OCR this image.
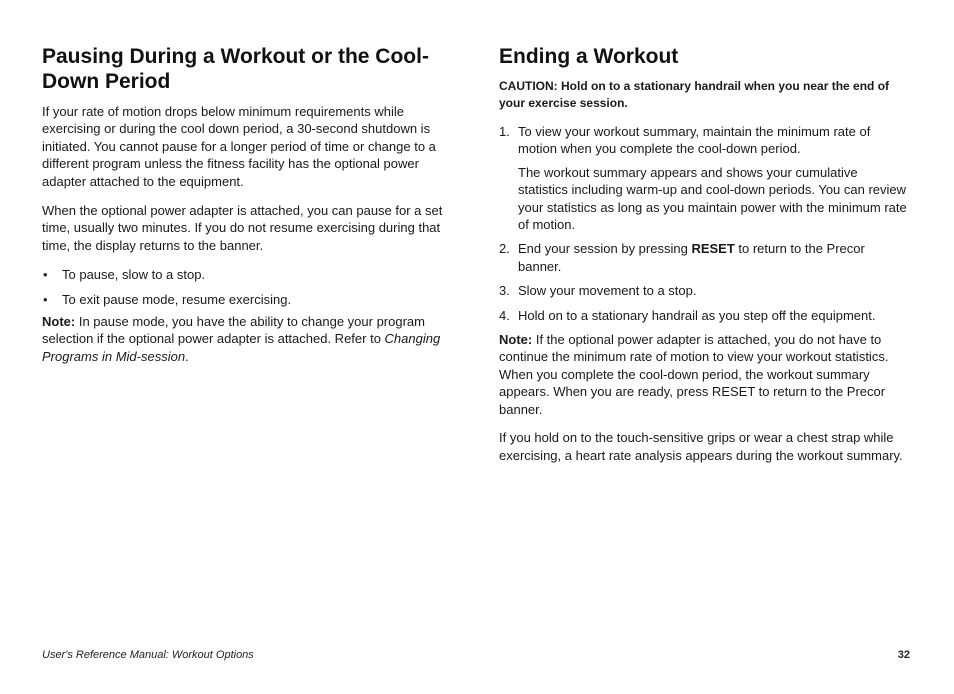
Pausing During a Workout or the Cool-Down Period

If your rate of motion drops below minimum requirements while exercising or during the cool down period, a 30-second shutdown is initiated. You cannot pause for a longer period of time or change to a different program unless the fitness facility has the optional power adapter attached to the equipment.

When the optional power adapter is attached, you can pause for a set time, usually two minutes. If you do not resume exercising during that time, the display returns to the banner.

• To pause, slow to a stop.
• To exit pause mode, resume exercising.

Note: In pause mode, you have the ability to change your program selection if the optional power adapter is attached. Refer to Changing Programs in Mid-session.

Ending a Workout

CAUTION: Hold on to a stationary handrail when you near the end of your exercise session.

1. To view your workout summary, maintain the minimum rate of motion when you complete the cool-down period.
The workout summary appears and shows your cumulative statistics including warm-up and cool-down periods. You can review your statistics as long as you maintain power with the minimum rate of motion.
2. End your session by pressing RESET to return to the Precor banner.
3. Slow your movement to a stop.
4. Hold on to a stationary handrail as you step off the equipment.

Note: If the optional power adapter is attached, you do not have to continue the minimum rate of motion to view your workout statistics. When you complete the cool-down period, the workout summary appears. When you are ready, press RESET to return to the Precor banner.

If you hold on to the touch-sensitive grips or wear a chest strap while exercising, a heart rate analysis appears during the workout summary.

User's Reference Manual: Workout Options	32
